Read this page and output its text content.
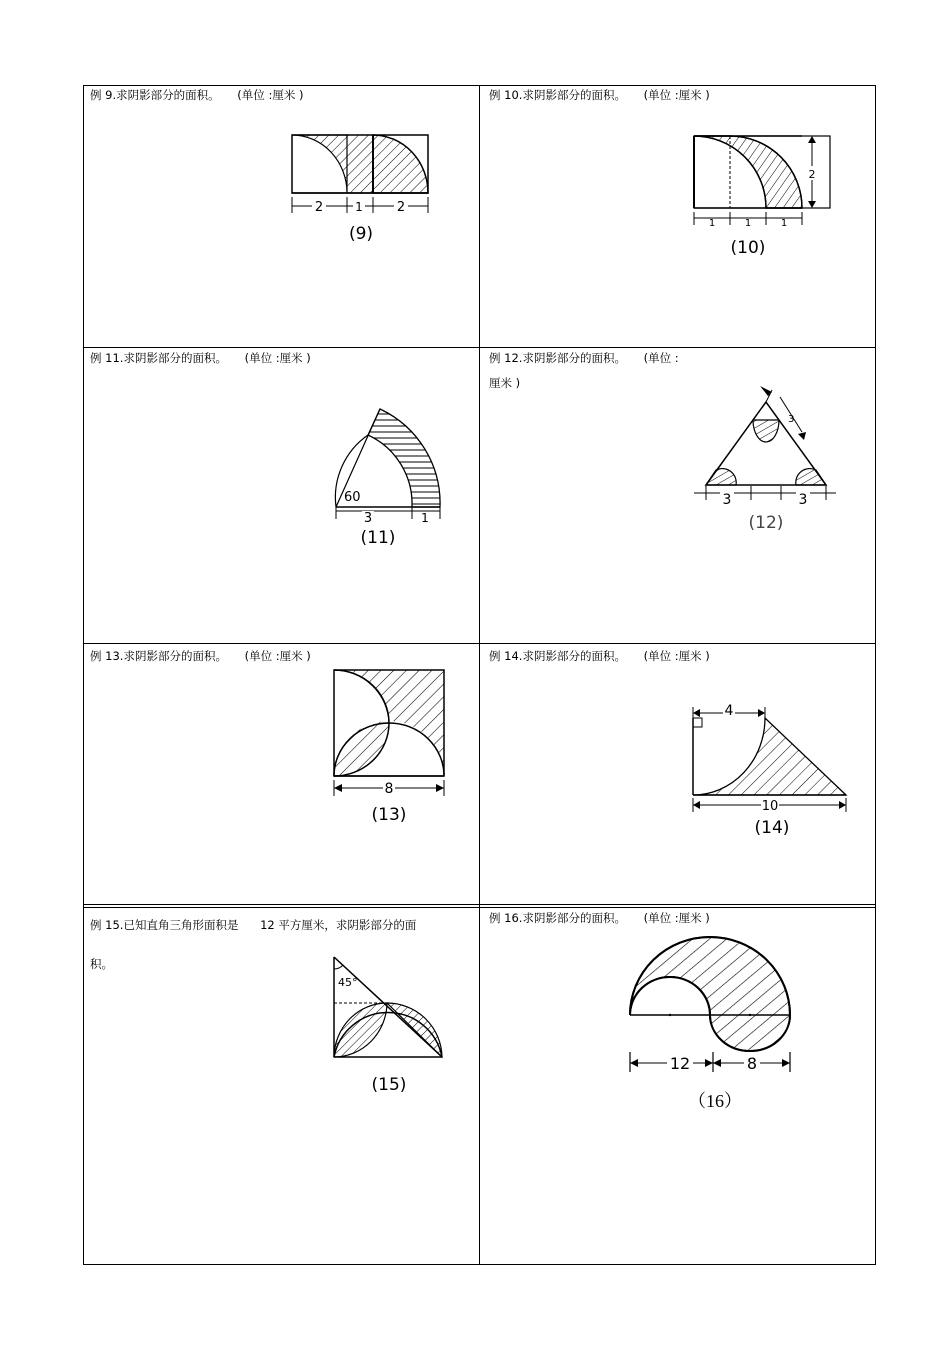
例 9.求阴影部分的面积。 (单位 :厘米 )
2	1	2
(9)
例 10.求阴影部分的面积。 (单位 :厘米 )
2
1	1	1
(10)
例 11.求阴影部分的面积。 (单位 :厘米 )
60
3	1
(11)
例 12.求阴影部分的面积。 (单位 :
厘米 )
3
3	3
(12)
例 13.求阴影部分的面积。 (单位 :厘米 )
8
(13)
例 14.求阴影部分的面积。 (单位 :厘米 )
4
10
(14)
例 15.已知直角三角形面积是 12 平方厘米，求阴影部分的面
积。
45°
(15)
例 16.求阴影部分的面积。 (单位 :厘米 )
12	8
（16）
